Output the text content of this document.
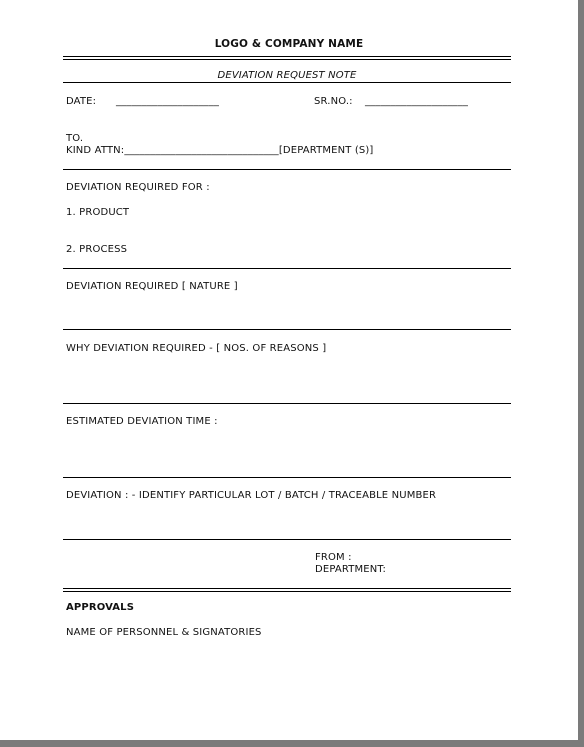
LOGO & COMPANY NAME
DEVIATION REQUEST NOTE
DATE: ____________________	SR.NO.: ____________________
TO.
KIND ATTN:______________________________[DEPARTMENT (S)]
DEVIATION REQUIRED FOR :
1. PRODUCT
2. PROCESS
DEVIATION REQUIRED [ NATURE ]
WHY DEVIATION REQUIRED - [ NOS. OF REASONS ]
ESTIMATED DEVIATION TIME :
DEVIATION : - IDENTIFY PARTICULAR LOT / BATCH / TRACEABLE NUMBER
FROM :
DEPARTMENT:
APPROVALS
NAME OF PERSONNEL & SIGNATORIES
